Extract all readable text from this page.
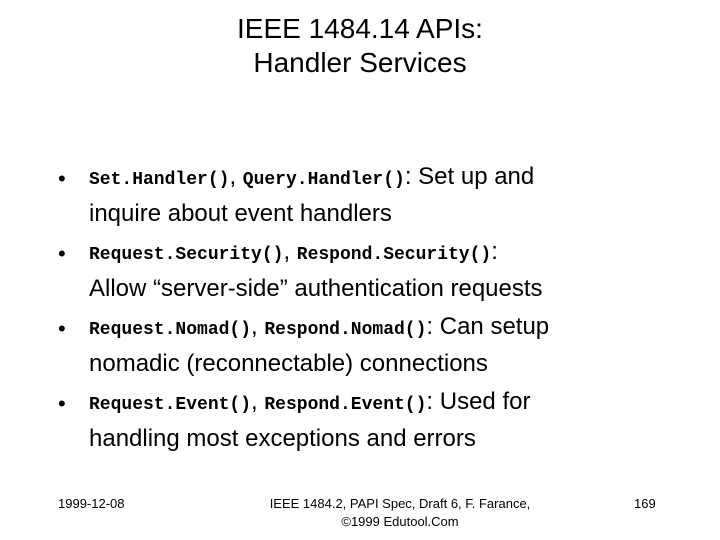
IEEE 1484.14 APIs:
Handler Services
• Set.Handler(), Query.Handler(): Set up and
inquire about event handlers
• Request.Security(), Respond.Security():
Allow “server-side” authentication requests
• Request.Nomad(), Respond.Nomad(): Can setup
nomadic (reconnectable) connections
• Request.Event(), Respond.Event(): Used for
handling most exceptions and errors
1999-12-08	IEEE 1484.2, PAPI Spec, Draft 6, F. Farance,
©1999 Edutool.Com
169
